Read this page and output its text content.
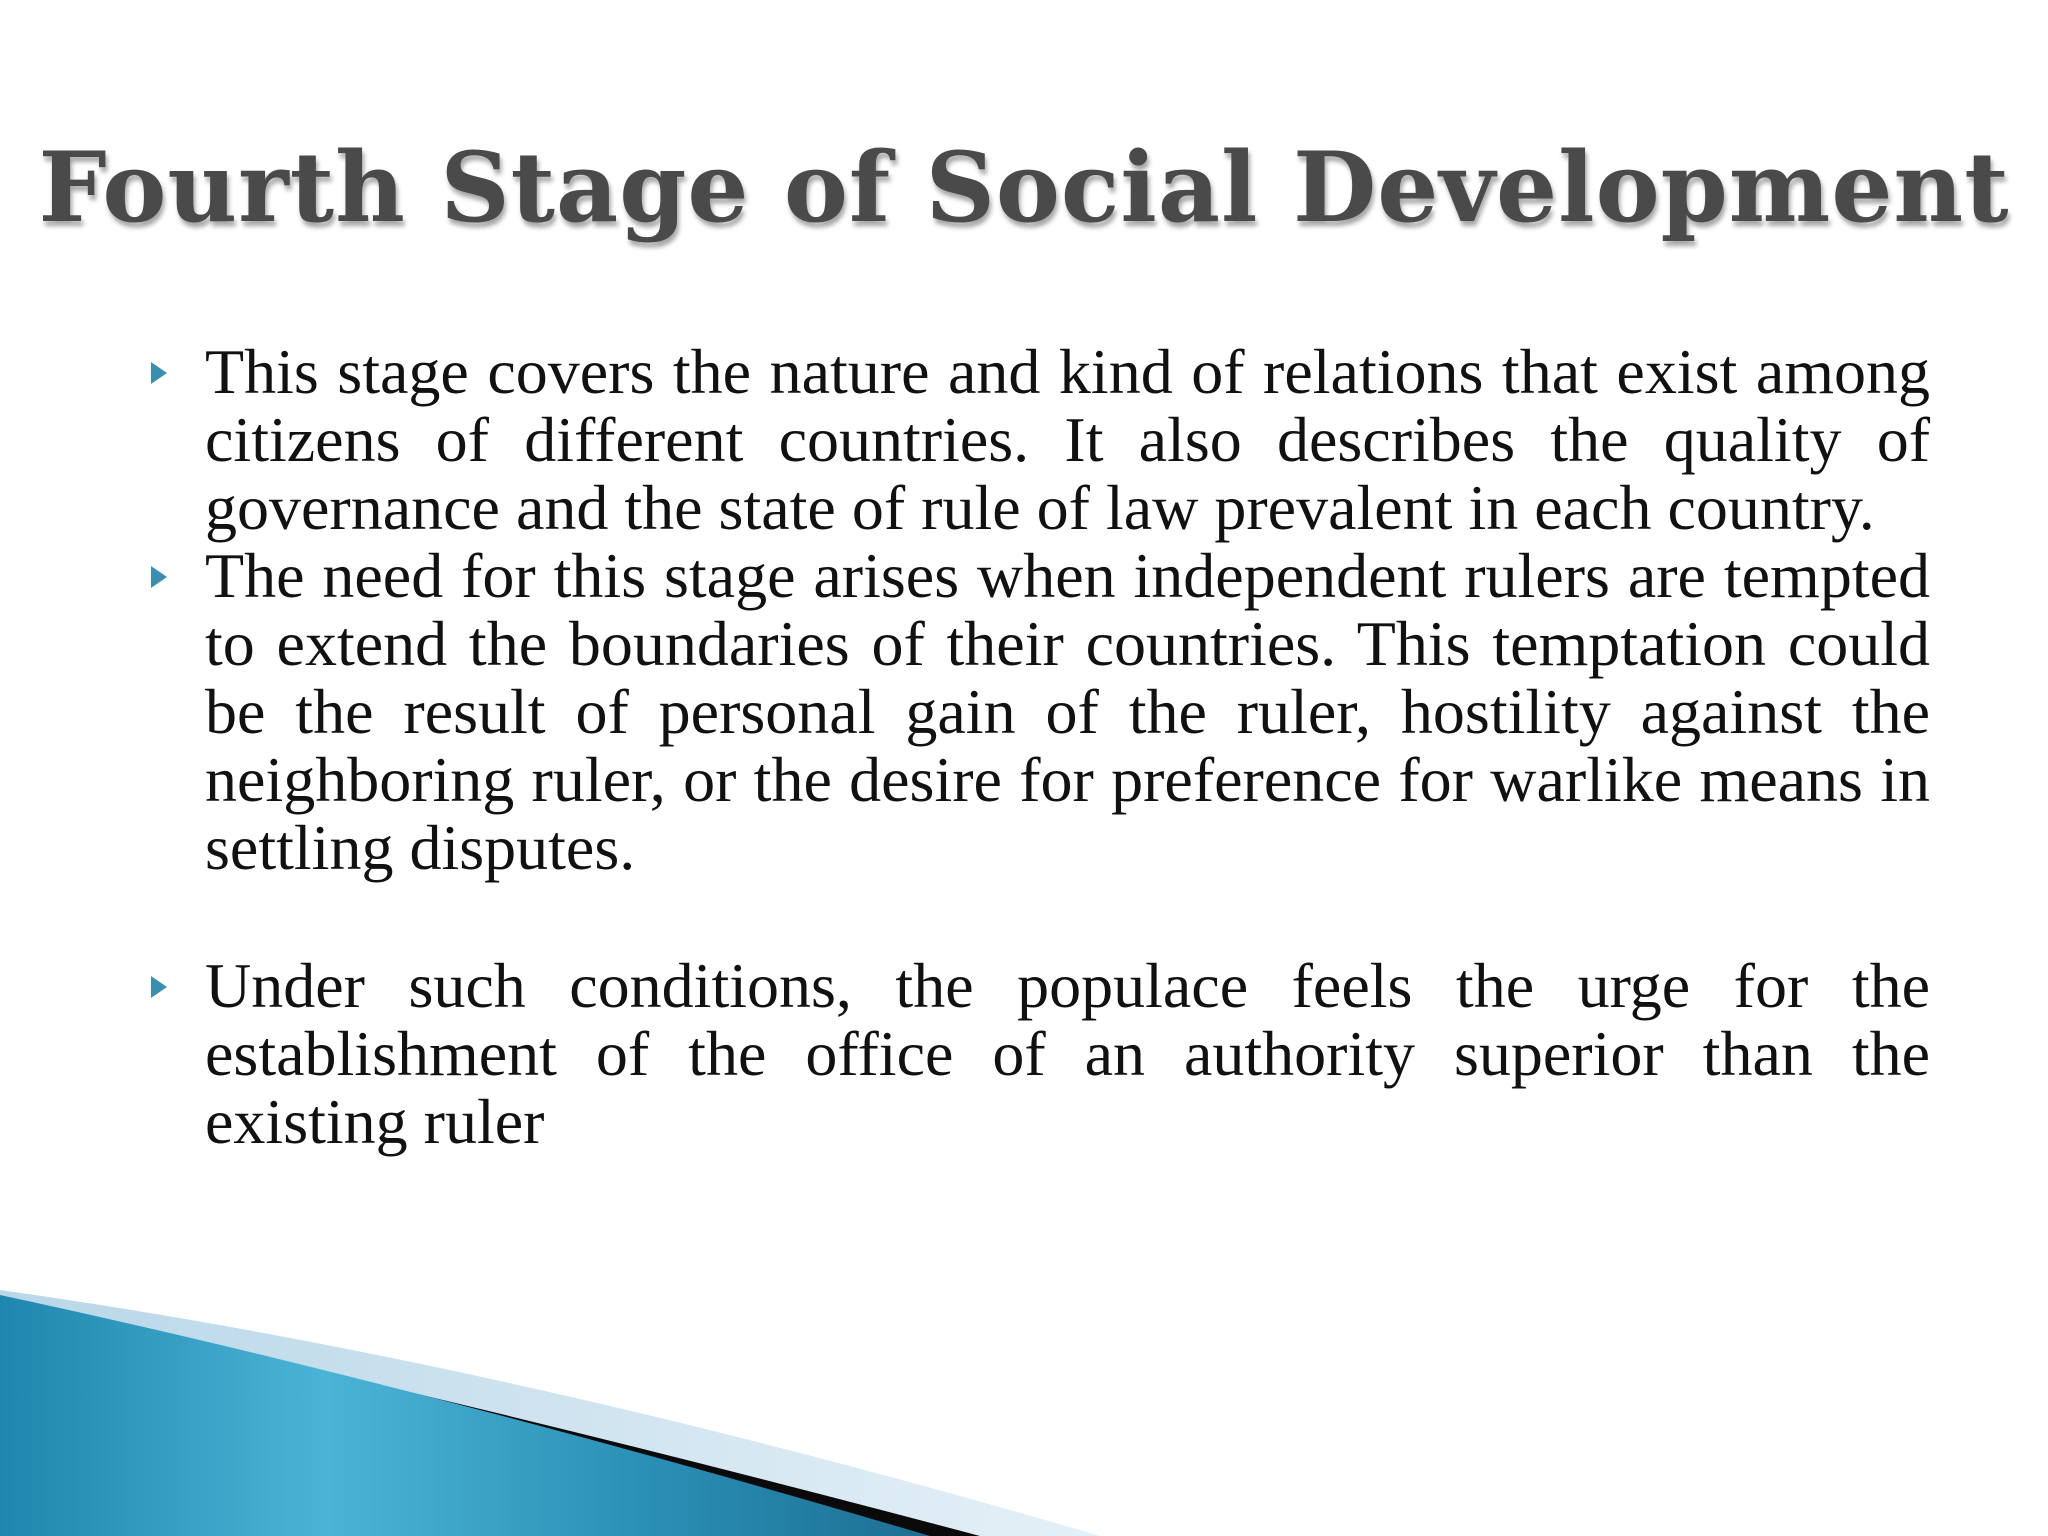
Fourth Stage of Social Development

This stage covers the nature and kind of relations that exist among citizens of different countries. It also describes the quality of governance and the state of rule of law prevalent in each country.

The need for this stage arises when independent rulers are tempted to extend the boundaries of their countries. This temptation could be the result of personal gain of the ruler, hostility against the neighboring ruler, or the desire for preference for warlike means in settling disputes.

Under such conditions, the populace feels the urge for the establishment of the office of an authority superior than the existing ruler
